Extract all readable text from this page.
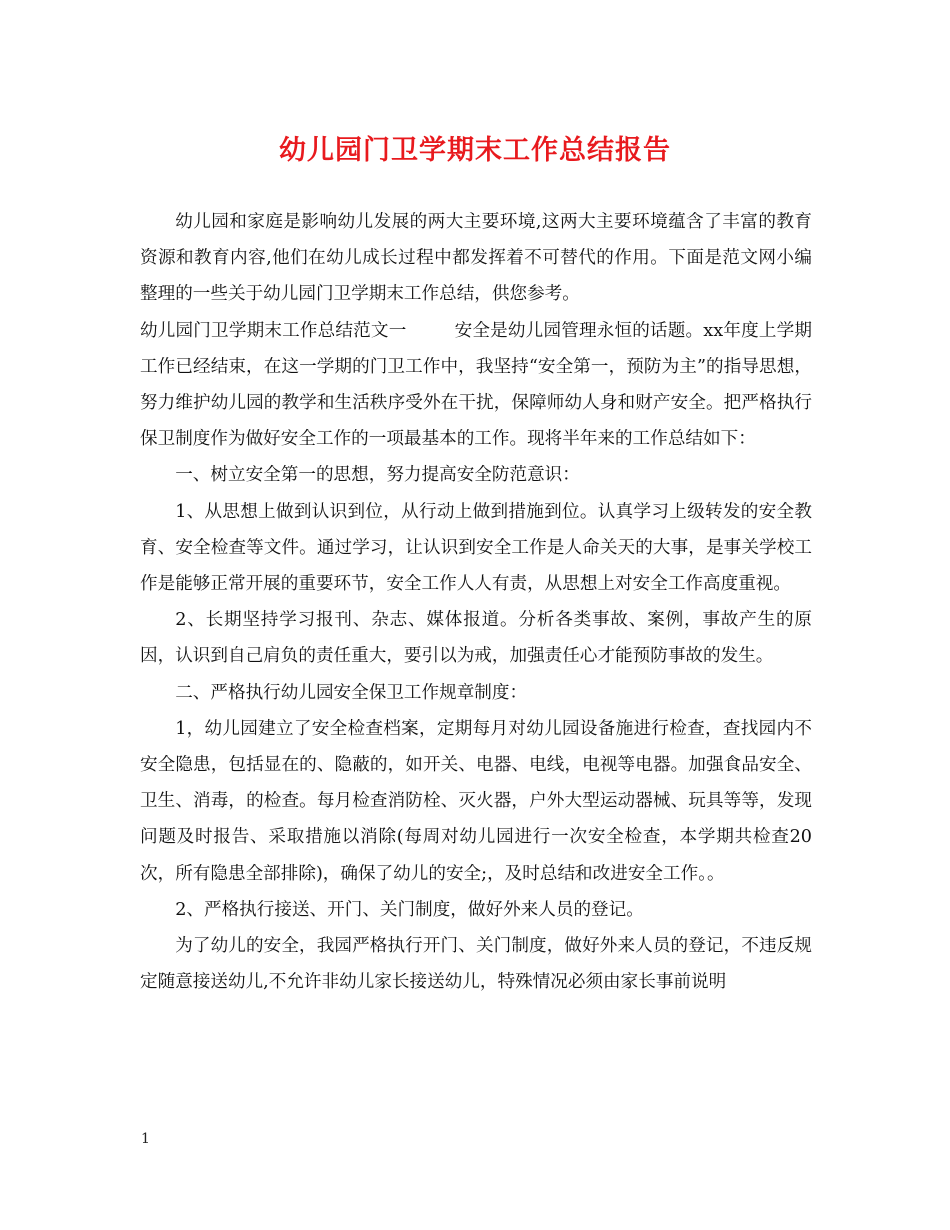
幼儿园门卫学期末工作总结报告

幼儿园和家庭是影响幼儿发展的两大主要环境,这两大主要环境蕴含了丰富的教育资源和教育内容,他们在幼儿成长过程中都发挥着不可替代的作用。下面是范文网小编整理的一些关于幼儿园门卫学期末工作总结，供您参考。

幼儿园门卫学期末工作总结范文一	安全是幼儿园管理永恒的话题。xx年度上学期工作已经结束，在这一学期的门卫工作中，我坚持“安全第一，预防为主”的指导思想，努力维护幼儿园的教学和生活秩序受外在干扰，保障师幼人身和财产安全。把严格执行保卫制度作为做好安全工作的一项最基本的工作。现将半年来的工作总结如下：

一、树立安全第一的思想，努力提高安全防范意识：

1、从思想上做到认识到位，从行动上做到措施到位。认真学习上级转发的安全教育、安全检查等文件。通过学习，让认识到安全工作是人命关天的大事，是事关学校工作是能够正常开展的重要环节，安全工作人人有责，从思想上对安全工作高度重视。

2、长期坚持学习报刊、杂志、媒体报道。分析各类事故、案例，事故产生的原因，认识到自己肩负的责任重大，要引以为戒，加强责任心才能预防事故的发生。

二、严格执行幼儿园安全保卫工作规章制度：

1，幼儿园建立了安全检查档案，定期每月对幼儿园设备施进行检查，查找园内不安全隐患，包括显在的、隐蔽的，如开关、电器、电线，电视等电器。加强食品安全、卫生、消毒，的检查。每月检查消防栓、灭火器，户外大型运动器械、玩具等等，发现问题及时报告、采取措施以消除(每周对幼儿园进行一次安全检查，本学期共检查20次，所有隐患全部排除)，确保了幼儿的安全;，及时总结和改进安全工作。。

2、严格执行接送、开门、关门制度，做好外来人员的登记。

为了幼儿的安全，我园严格执行开门、关门制度，做好外来人员的登记，不违反规定随意接送幼儿,不允许非幼儿家长接送幼儿，特殊情况必须由家长事前说明

1
